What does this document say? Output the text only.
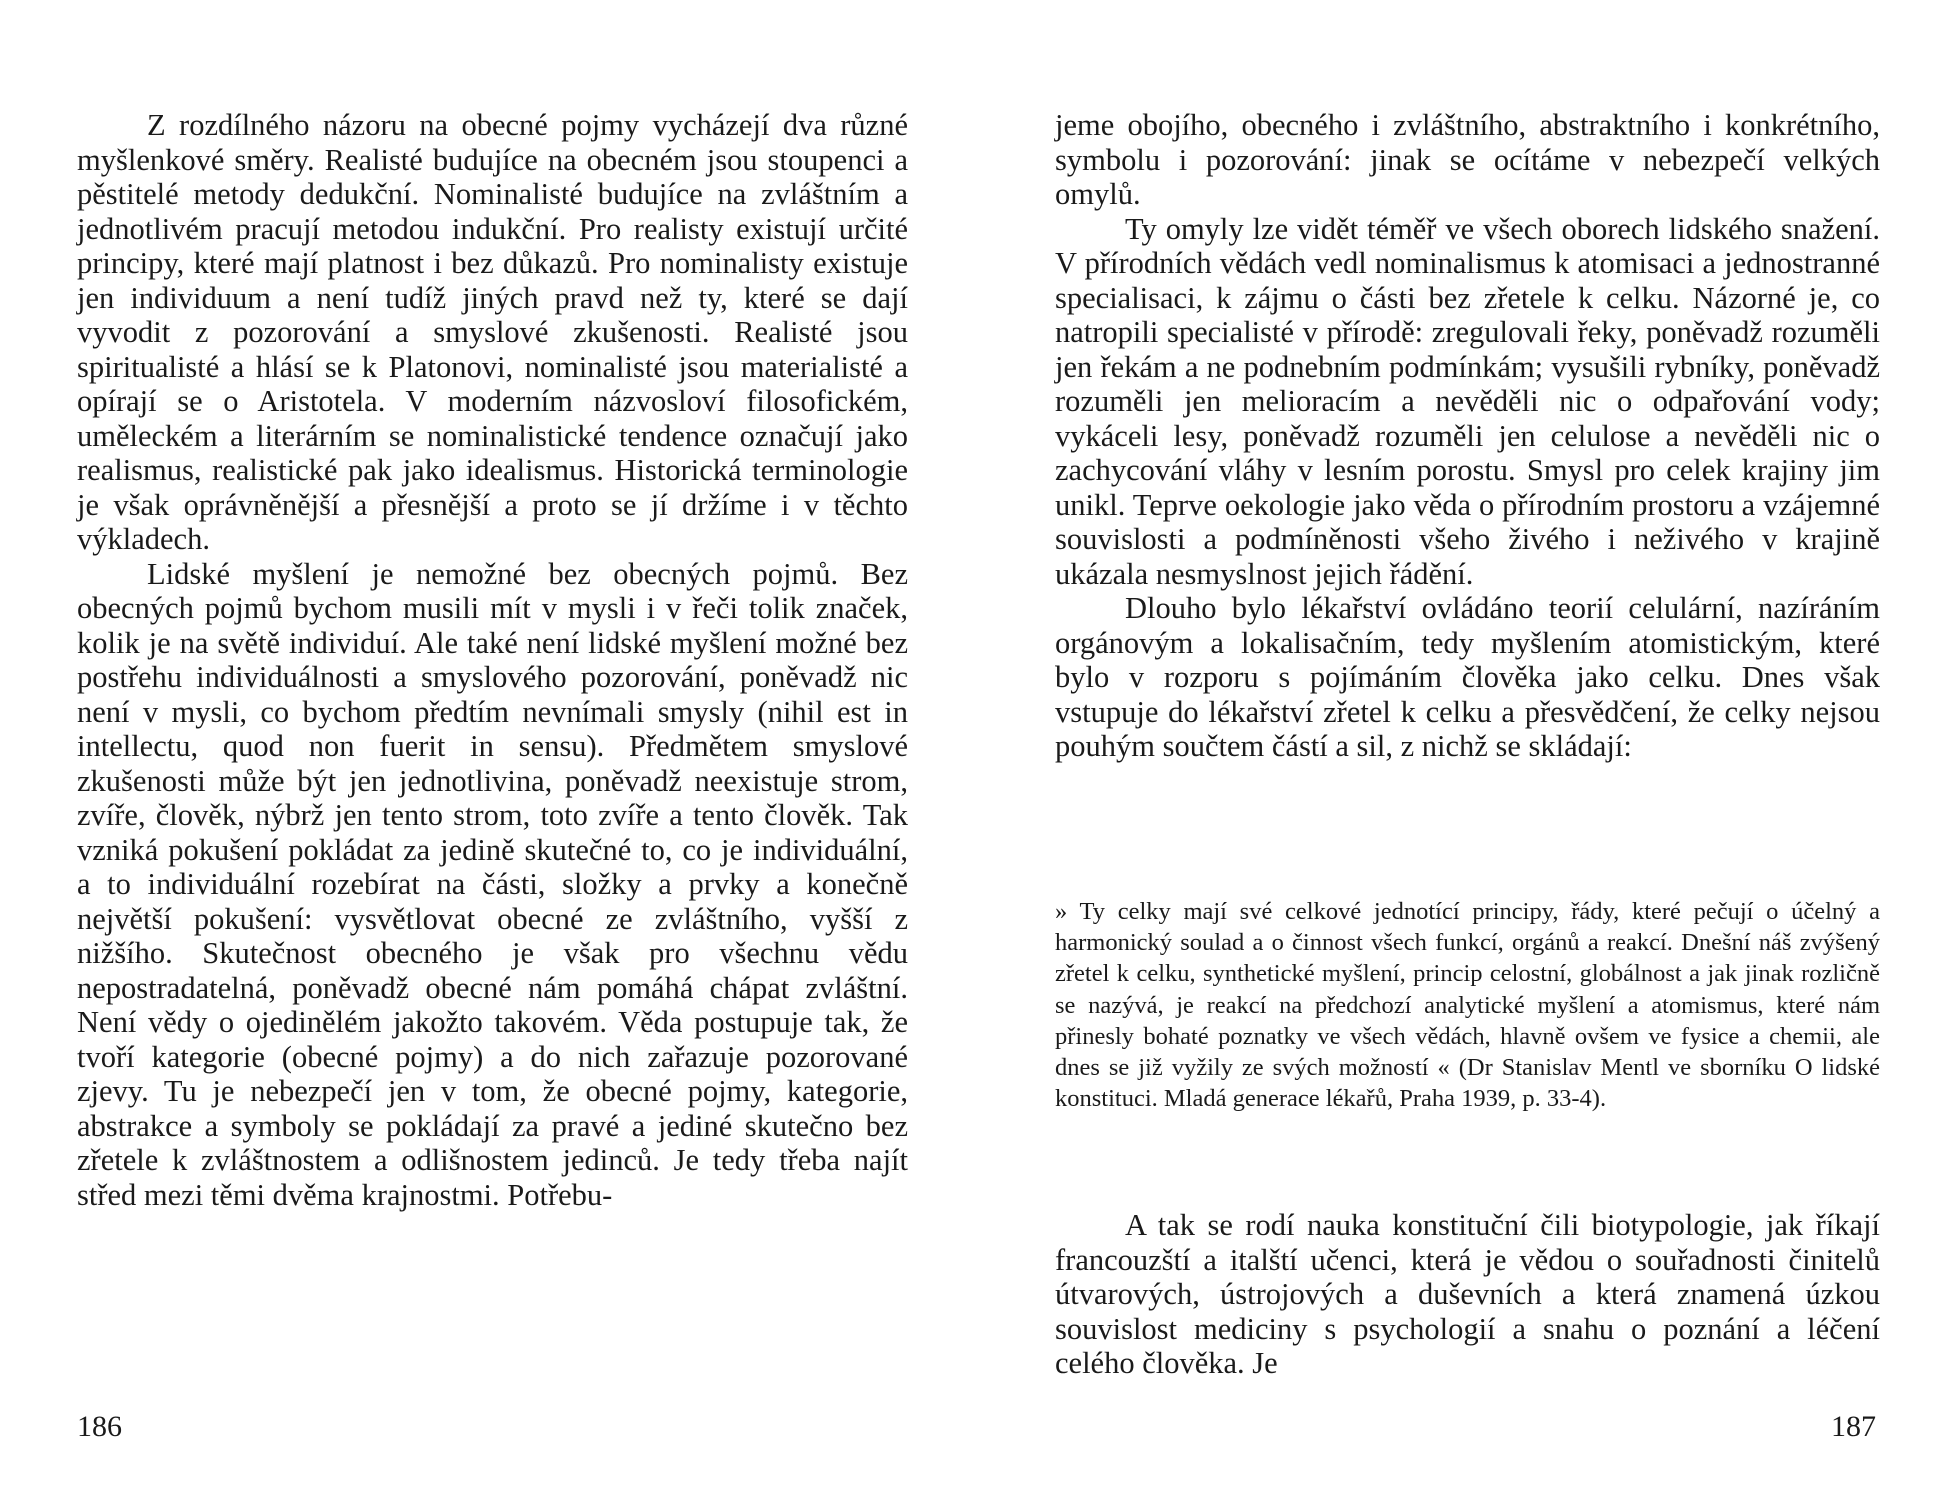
Z rozdílného názoru na obecné pojmy vycházejí dva různé myšlenkové směry. Realisté budujíce na obecném jsou stoupenci a pěstitelé metody dedukční. Nominalisté budujíce na zvláštním a jednotlivém pracují metodou indukční. Pro realisty existují určité principy, které mají platnost i bez důkazů. Pro nominalisty existuje jen individuum a není tudíž jiných pravd než ty, které se dají vyvodit z pozorování a smyslové zkušenosti. Realisté jsou spiritualisté a hlásí se k Platonovi, nominalisté jsou materialisté a opírají se o Aristotela. V moderním názvosloví filosofickém, uměleckém a literárním se nominalistické tendence označují jako realismus, realistické pak jako idealismus. Historická terminologie je však oprávněnější a přesnější a proto se jí držíme i v těchto výkladech.

Lidské myšlení je nemožné bez obecných pojmů. Bez obecných pojmů bychom musili mít v mysli i v řeči tolik značek, kolik je na světě individuí. Ale také není lidské myšlení možné bez postřehu individuálnosti a smyslového pozorování, poněvadž nic není v mysli, co bychom předtím nevnímali smysly (nihil est in intellectu, quod non fuerit in sensu). Předmětem smyslové zkušenosti může být jen jednotlivina, poněvadž neexistuje strom, zvíře, člověk, nýbrž jen tento strom, toto zvíře a tento člověk. Tak vzniká pokušení pokládat za jedině skutečné to, co je individuální, a to individuální rozebírat na části, složky a prvky a konečně největší pokušení: vysvětlovat obecné ze zvláštního, vyšší z nižšího. Skutečnost obecného je však pro všechnu vědu nepostradatelná, poněvadž obecné nám pomáhá chápat zvláštní. Není vědy o ojedinělém jakožto takovém. Věda postupuje tak, že tvoří kategorie (obecné pojmy) a do nich zařazuje pozorované zjevy. Tu je nebezpečí jen v tom, že obecné pojmy, kategorie, abstrakce a symboly se pokládají za pravé a jediné skutečno bez zřetele k zvláštnostem a odlišnostem jedinců. Je tedy třeba najít střed mezi těmi dvěma krajnostmi. Potřebu-

186

jeme obojího, obecného i zvláštního, abstraktního i konkrétního, symbolu i pozorování: jinak se ocítáme v nebezpečí velkých omylů.

Ty omyly lze vidět téměř ve všech oborech lidského snažení. V přírodních vědách vedl nominalismus k atomisaci a jednostranné specialisaci, k zájmu o části bez zřetele k celku. Názorné je, co natropili specialisté v přírodě: zregulovali řeky, poněvadž rozuměli jen řekám a ne podnebním podmínkám; vysušili rybníky, poněvadž rozuměli jen melioracím a nevěděli nic o odpařování vody; vykáceli lesy, poněvadž rozuměli jen celulose a nevěděli nic o zachycování vláhy v lesním porostu. Smysl pro celek krajiny jim unikl. Teprve oekologie jako věda o přírodním prostoru a vzájemné souvislosti a podmíněnosti všeho živého i neživého v krajině ukázala nesmyslnost jejich řádění.

Dlouho bylo lékařství ovládáno teorií celulární, nazíráním orgánovým a lokalisačním, tedy myšlením atomistickým, které bylo v rozporu s pojímáním člověka jako celku. Dnes však vstupuje do lékařství zřetel k celku a přesvědčení, že celky nejsou pouhým součtem částí a sil, z nichž se skládají:

» Ty celky mají své celkové jednotící principy, řády, které pečují o účelný a harmonický soulad a o činnost všech funkcí, orgánů a reakcí. Dnešní náš zvýšený zřetel k celku, synthetické myšlení, princip celostní, globálnost a jak jinak rozličně se nazývá, je reakcí na předchozí analytické myšlení a atomismus, které nám přinesly bohaté poznatky ve všech vědách, hlavně ovšem ve fysice a chemii, ale dnes se již vyžily ze svých možností « (Dr Stanislav Mentl ve sborníku O lidské konstituci. Mladá generace lékařů, Praha 1939, p. 33-4).

A tak se rodí nauka konstituční čili biotypologie, jak říkají francouzští a italští učenci, která je vědou o souřadnosti činitelů útvarových, ústrojových a duševních a která znamená úzkou souvislost mediciny s psychologií a snahu o poznání a léčení celého člověka. Je

187
